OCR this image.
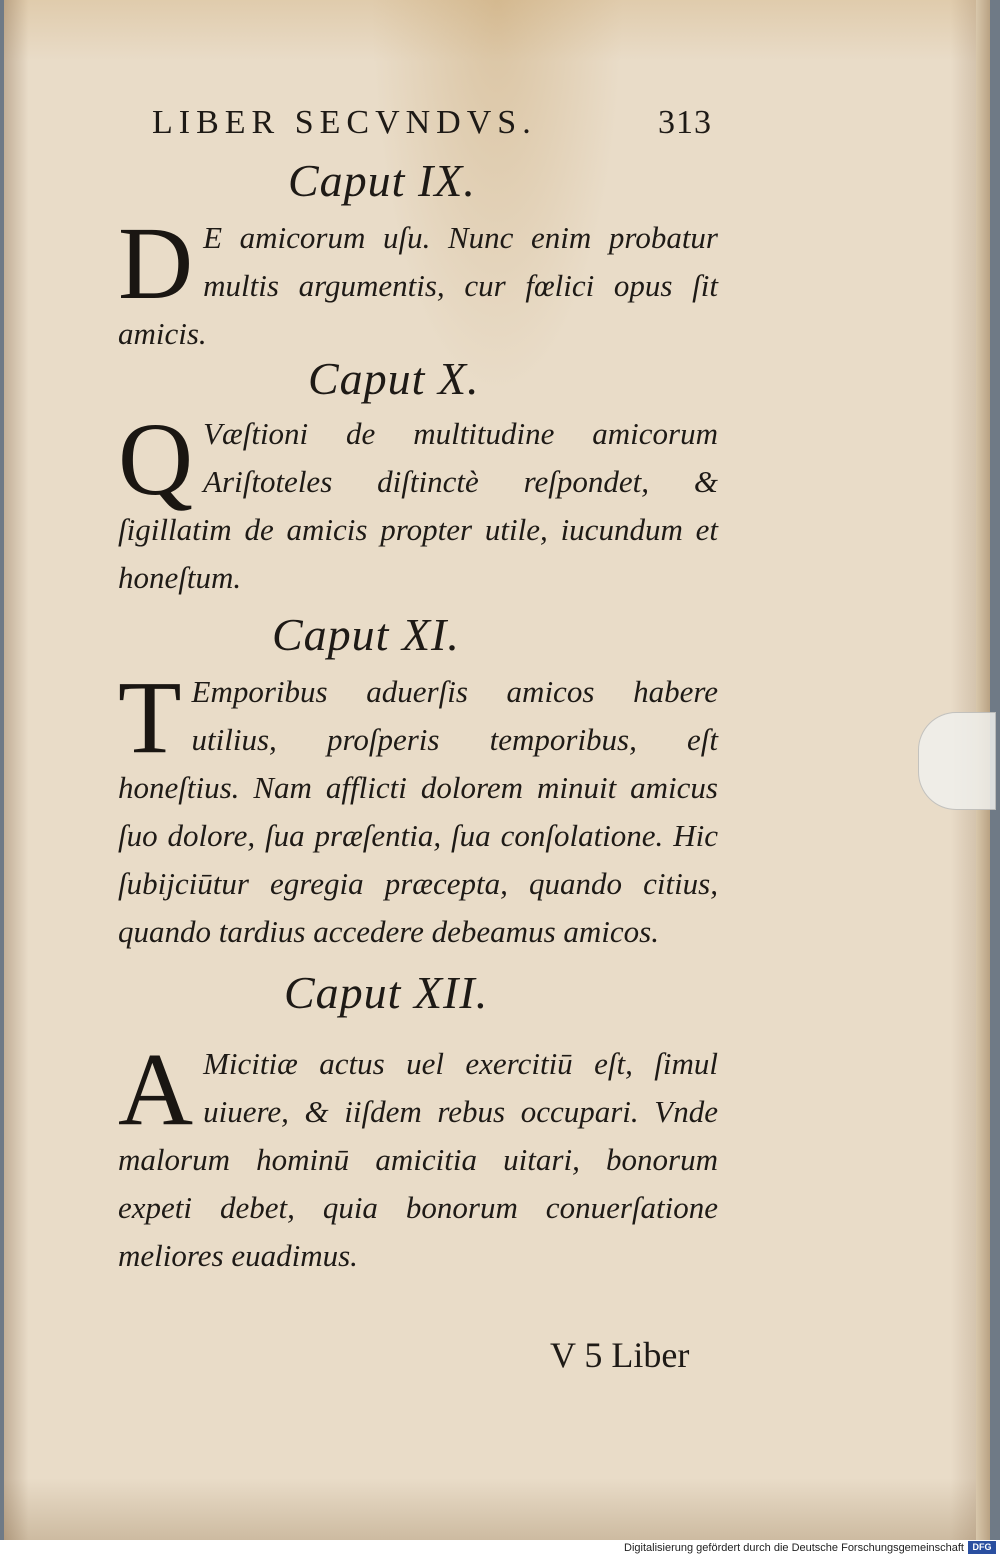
LIBER SECVNDVS.	313
Caput IX.

D E amicorum uſu. Nunc enim probatur multis argumentis, cur fœlici opus ſit amicis.

Caput X.

Q Væſtioni de multitudine amicorum Ariſtoteles diſtinctè reſpondet, & ſigillatim de amicis propter utile, iucundum et honeſtum.

Caput XI.

T Emporibus aduerſis amicos habere utilius, proſperis temporibus, eſt honeſtius. Nam afflicti dolorem minuit amicus ſuo dolore, ſua præſentia, ſua conſolatione. Hic ſubijciūtur egregia præcepta, quando citius, quando tardius accedere debeamus amicos.

Caput XII.

A Micitiæ actus uel exercitiū eſt, ſimul uiuere, & iiſdem rebus occupari. Vnde malorum hominū amicitia uitari, bonorum expeti debet, quia bonorum conuerſatione meliores euadimus.

V 5 Liber
Digitalisierung gefördert durch die Deutsche Forschungsgemeinschaft DFG
